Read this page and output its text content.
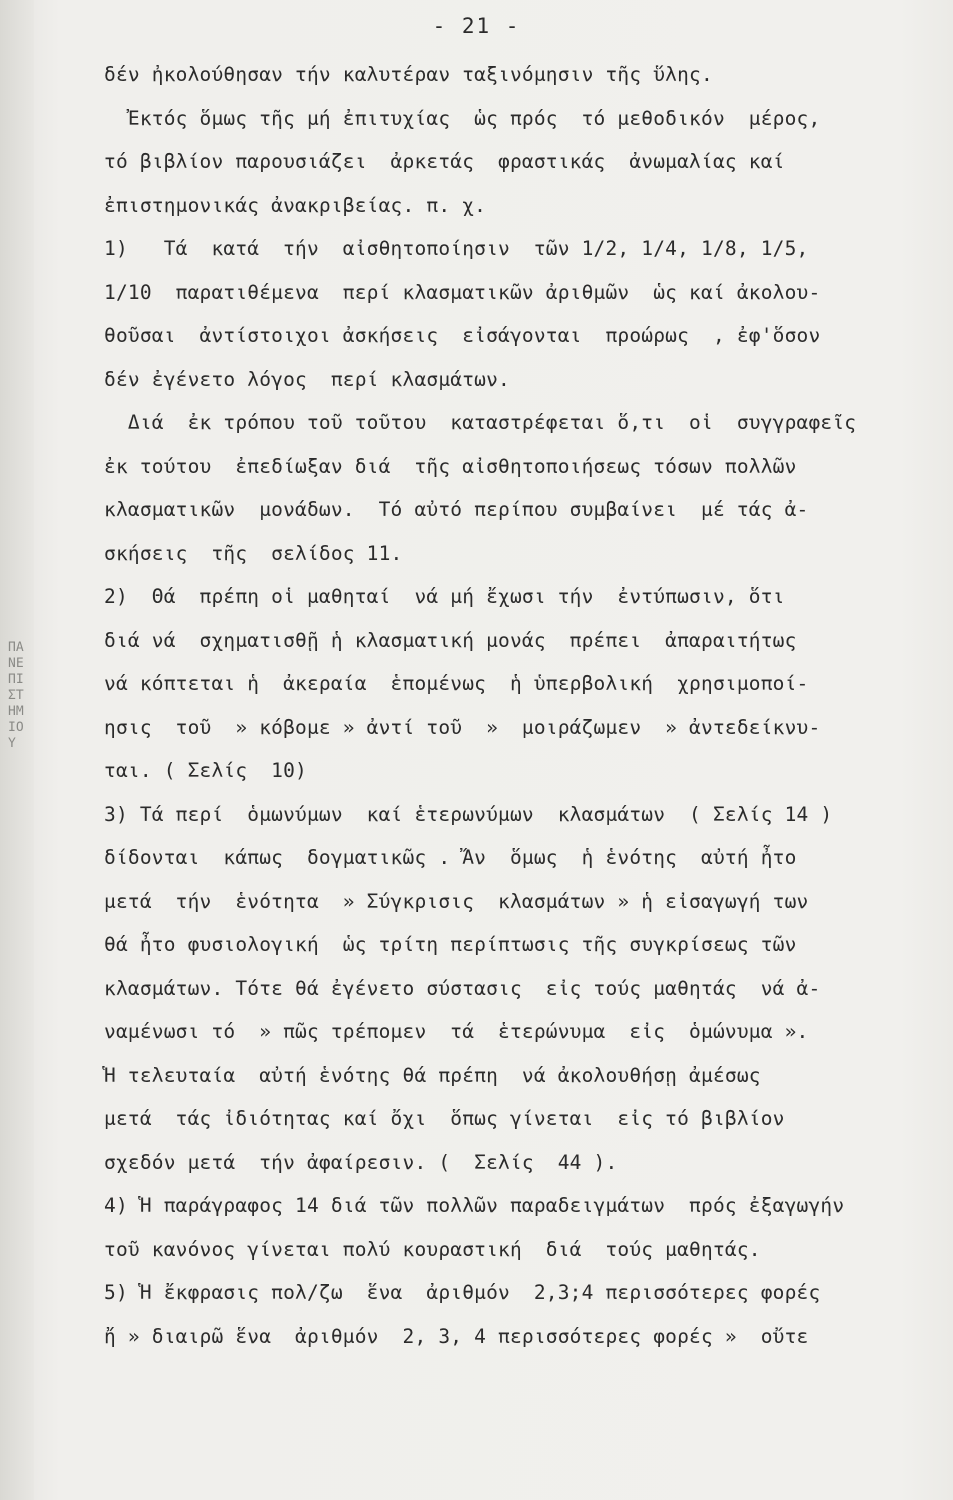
- 21 -
δέν ἠκολούθησαν τήν καλυτέραν ταξινόμησιν τῆς ὕλης.
Ἐκτός ὅμως τῆς μή ἐπιτυχίας  ὡς πρός  τό μεθοδικόν  μέρος,
τό βιβλίον παρουσιάζει  ἀρκετάς  φραστικάς  ἀνωμαλίας καί
ἐπιστημονικάς ἀνακριβείας. π. χ.
1)   Τά  κατά  τήν  αἰσθητοποίησιν  τῶν 1/2, 1/4, 1/8, 1/5,
1/10  παρατιθέμενα  περί κλασματικῶν ἀριθμῶν  ὡς καί ἀκολου-
θοῦσαι  ἀντίστοιχοι ἀσκήσεις  εἰσάγονται  προώρως  , ἐφ'ὅσον
δέν ἐγένετο λόγος  περί κλασμάτων.
Διά  ἐκ τρόπου τοῦ τοῦτου  καταστρέφεται ὅ,τι  οἱ  συγγραφεῖς
ἐκ τούτου  ἐπεδίωξαν διά  τῆς αἰσθητοποιήσεως τόσων πολλῶν
κλασματικῶν  μονάδων.  Τό αὐτό περίπου συμβαίνει  μέ τάς ἀ-
σκήσεις  τῆς  σελίδος 11.
2)  Θά  πρέπη οἱ μαθηταί  νά μή ἔχωσι τήν  ἐντύπωσιν, ὅτι
διά νά  σχηματισθῇ ἡ κλασματική μονάς  πρέπει  ἀπαραιτήτως
νά κόπτεται ἡ  ἀκεραία  ἑπομένως  ἡ ὑπερβολική  χρησιμοποί-
ησις  τοῦ  » κόβομε » ἀντί τοῦ  »  μοιράζωμεν  » ἀντεδείκνυ-
ται. ( Σελίς  10)
3) Τά περί  ὁμωνύμων  καί ἑτερωνύμων  κλασμάτων  ( Σελίς 14 )
δίδονται  κάπως  δογματικῶς . Ἄν  ὅμως  ἡ ἑνότης  αὐτή ἦτο
μετά  τήν  ἑνότητα  » Σύγκρισις  κλασμάτων » ἡ εἰσαγωγή των
θά ἦτο φυσιολογική  ὡς τρίτη περίπτωσις τῆς συγκρίσεως τῶν
κλασμάτων. Τότε θά ἐγένετο σύστασις  εἰς τούς μαθητάς  νά ἀ-
ναμένωσι τό  » πῶς τρέπομεν  τά  ἑτερώνυμα  εἰς  ὁμώνυμα ».
Ἡ τελευταία  αὐτή ἑνότης θά πρέπη  νά ἀκολουθήσῃ ἀμέσως
μετά  τάς ἰδιότητας καί ὄχι  ὅπως γίνεται  εἰς τό βιβλίον
σχεδόν μετά  τήν ἀφαίρεσιν. (  Σελίς  44 ).
4) Ἡ παράγραφος 14 διά τῶν πολλῶν παραδειγμάτων  πρός ἐξαγωγήν
τοῦ κανόνος γίνεται πολύ κουραστική  διά  τούς μαθητάς.
5) Ἡ ἔκφρασις πολ/ζω  ἕνα  ἀριθμόν  2,3;4 περισσότερες φορές
ἤ » διαιρῶ ἕνα  ἀριθμόν  2, 3, 4 περισσότερες φορές »  οὔτε
ΠΑΝΕΠΙΣΤΗΜΙΟΥ
